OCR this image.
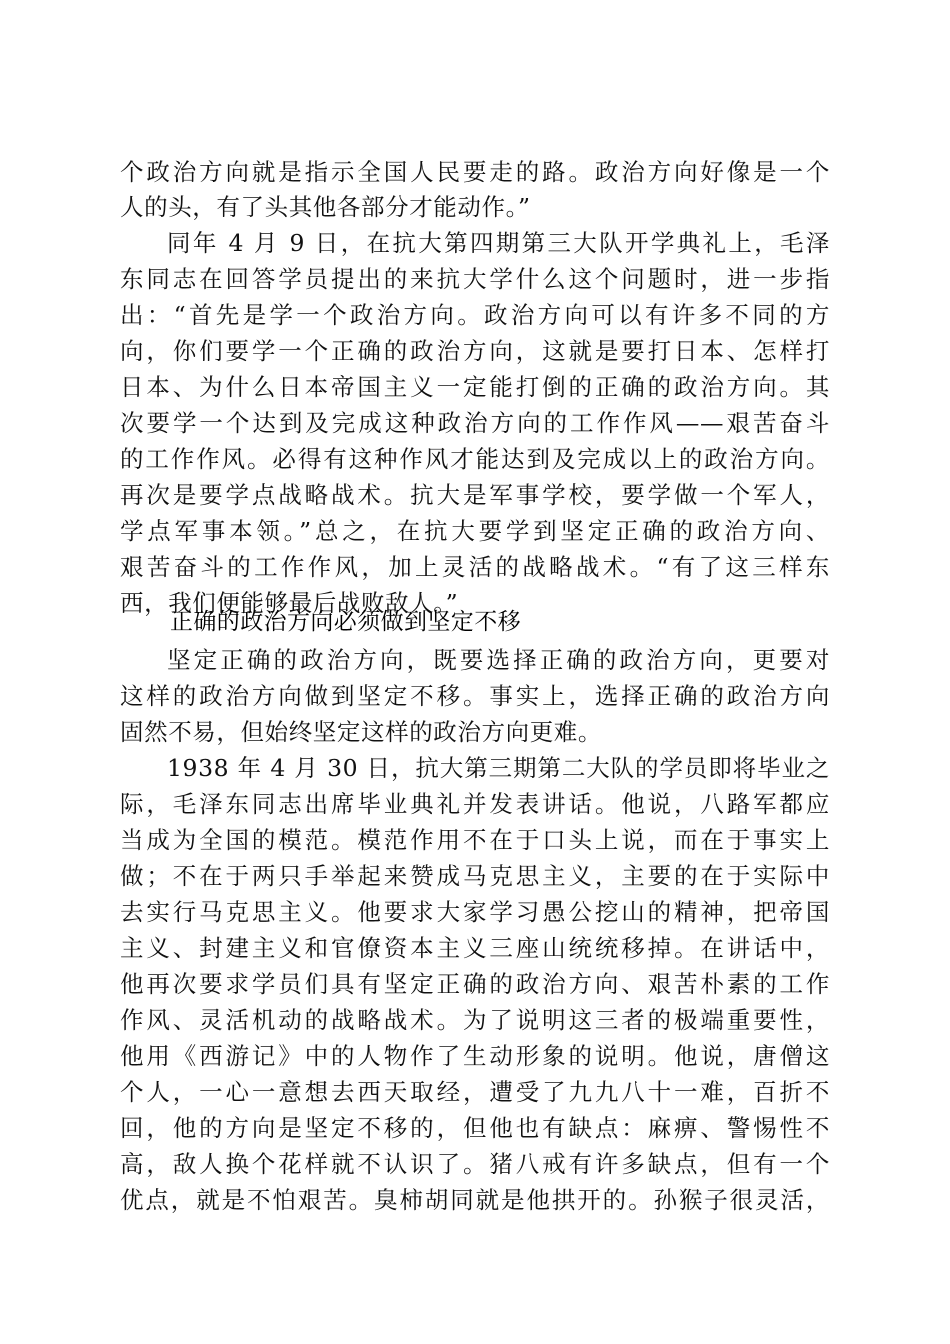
个政治方向就是指示全国人民要走的路。政治方向好像是一个
人的头，有了头其他各部分才能动作。”
同年 4 月 9 日，在抗大第四期第三大队开学典礼上，毛泽
东同志在回答学员提出的来抗大学什么这个问题时，进一步指
出：“首先是学一个政治方向。政治方向可以有许多不同的方
向，你们要学一个正确的政治方向，这就是要打日本、怎样打
日本、为什么日本帝国主义一定能打倒的正确的政治方向。其
次要学一个达到及完成这种政治方向的工作作风——艰苦奋斗
的工作作风。必得有这种作风才能达到及完成以上的政治方向。
再次是要学点战略战术。抗大是军事学校，要学做一个军人，
学点军事本领。”总之，在抗大要学到坚定正确的政治方向、
艰苦奋斗的工作作风，加上灵活的战略战术。“有了这三样东
西，我们便能够最后战败敌人。”
正确的政治方向必须做到坚定不移
坚定正确的政治方向，既要选择正确的政治方向，更要对
这样的政治方向做到坚定不移。事实上，选择正确的政治方向
固然不易，但始终坚定这样的政治方向更难。
1938 年 4 月 30 日，抗大第三期第二大队的学员即将毕业之
际，毛泽东同志出席毕业典礼并发表讲话。他说，八路军都应
当成为全国的模范。模范作用不在于口头上说，而在于事实上
做；不在于两只手举起来赞成马克思主义，主要的在于实际中
去实行马克思主义。他要求大家学习愚公挖山的精神，把帝国
主义、封建主义和官僚资本主义三座山统统移掉。在讲话中，
他再次要求学员们具有坚定正确的政治方向、艰苦朴素的工作
作风、灵活机动的战略战术。为了说明这三者的极端重要性，
他用《西游记》中的人物作了生动形象的说明。他说，唐僧这
个人，一心一意想去西天取经，遭受了九九八十一难，百折不
回，他的方向是坚定不移的，但他也有缺点：麻痹、警惕性不
高，敌人换个花样就不认识了。猪八戒有许多缺点，但有一个
优点，就是不怕艰苦。臭柿胡同就是他拱开的。孙猴子很灵活，
